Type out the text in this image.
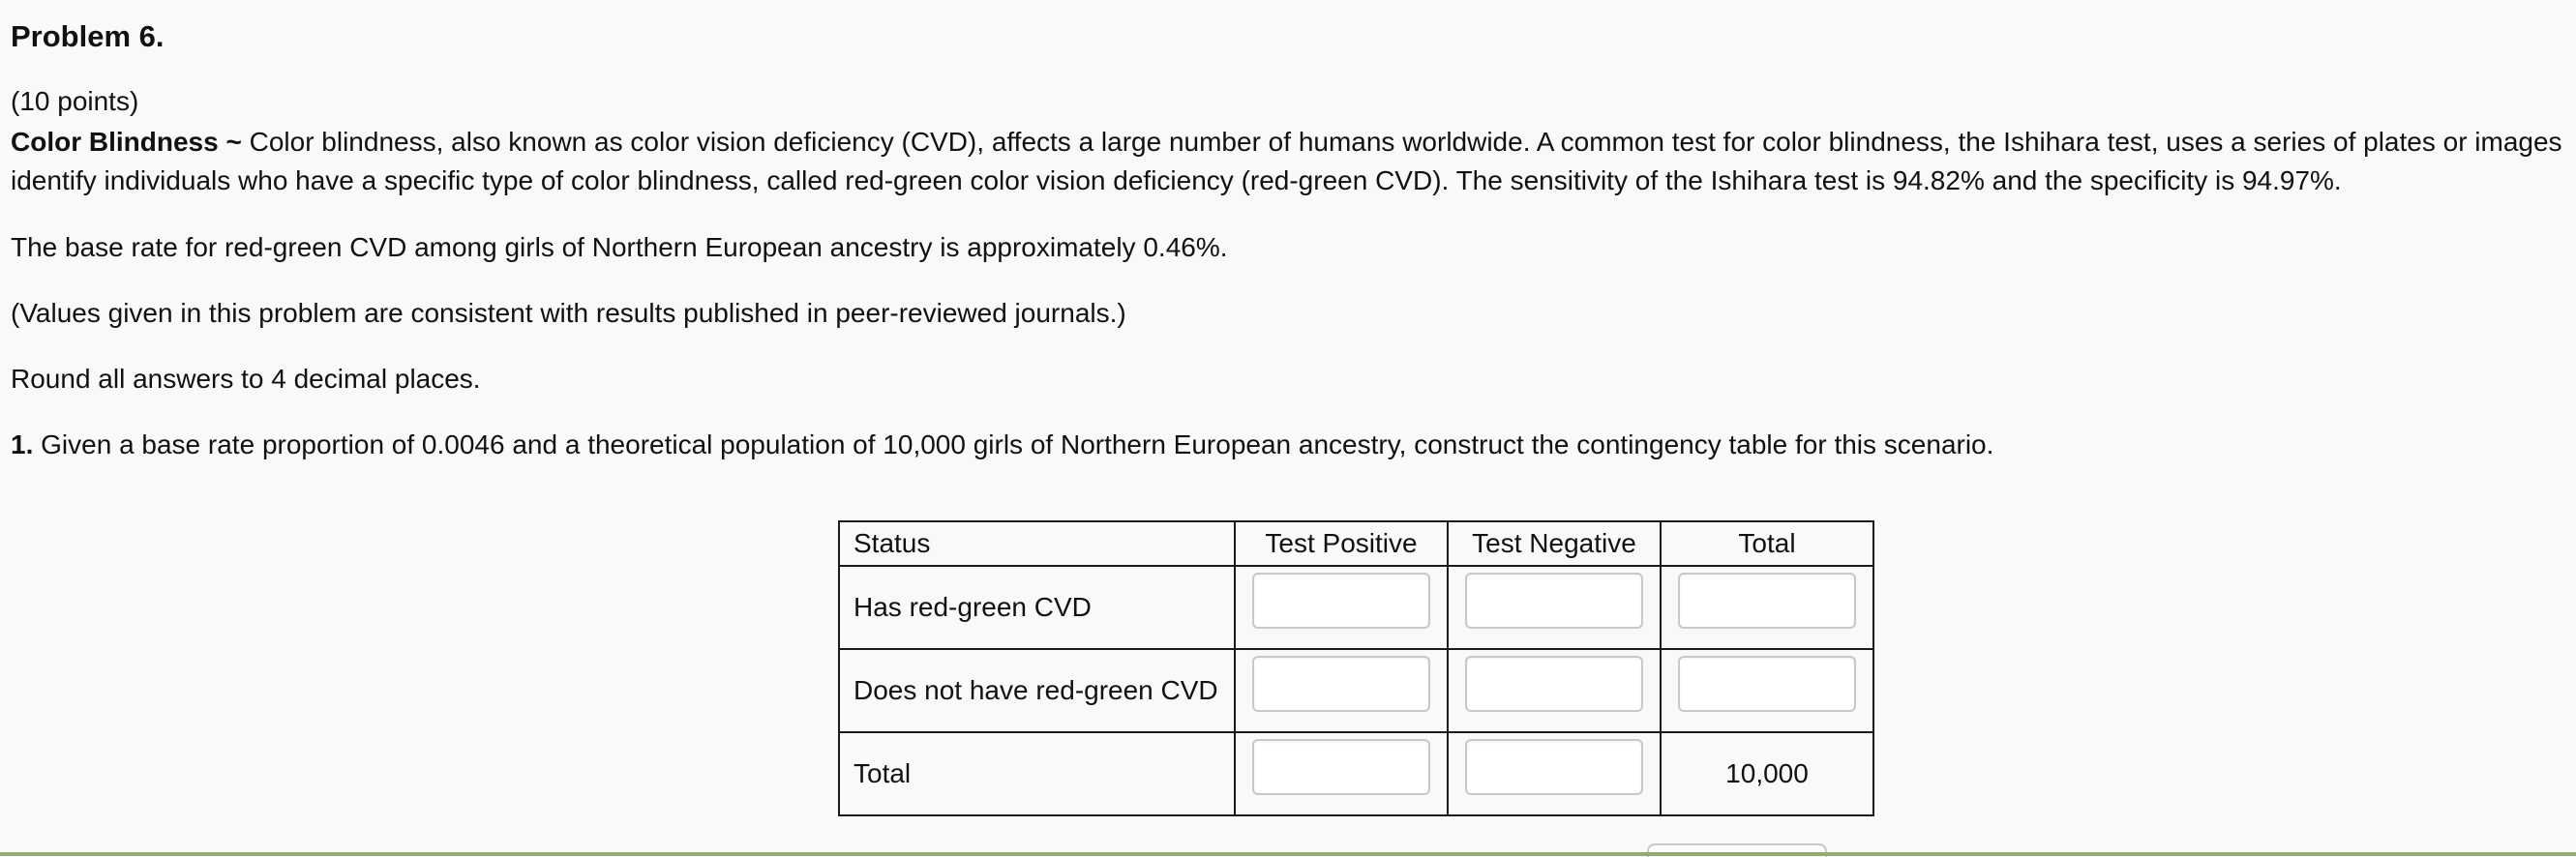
Problem 6.
(10 points)
Color Blindness ~ Color blindness, also known as color vision deficiency (CVD), affects a large number of humans worldwide. A common test for color blindness, the Ishihara test, uses a series of plates or images
identify individuals who have a specific type of color blindness, called red-green color vision deficiency (red-green CVD). The sensitivity of the Ishihara test is 94.82% and the specificity is 94.97%.
The base rate for red-green CVD among girls of Northern European ancestry is approximately 0.46%.
(Values given in this problem are consistent with results published in peer-reviewed journals.)
Round all answers to 4 decimal places.
1. Given a base rate proportion of 0.0046 and a theoretical population of 10,000 girls of Northern European ancestry, construct the contingency table for this scenario.
Status	Test Positive	Test Negative	Total
Has red-green CVD			
Does not have red-green CVD			
Total			10,000
